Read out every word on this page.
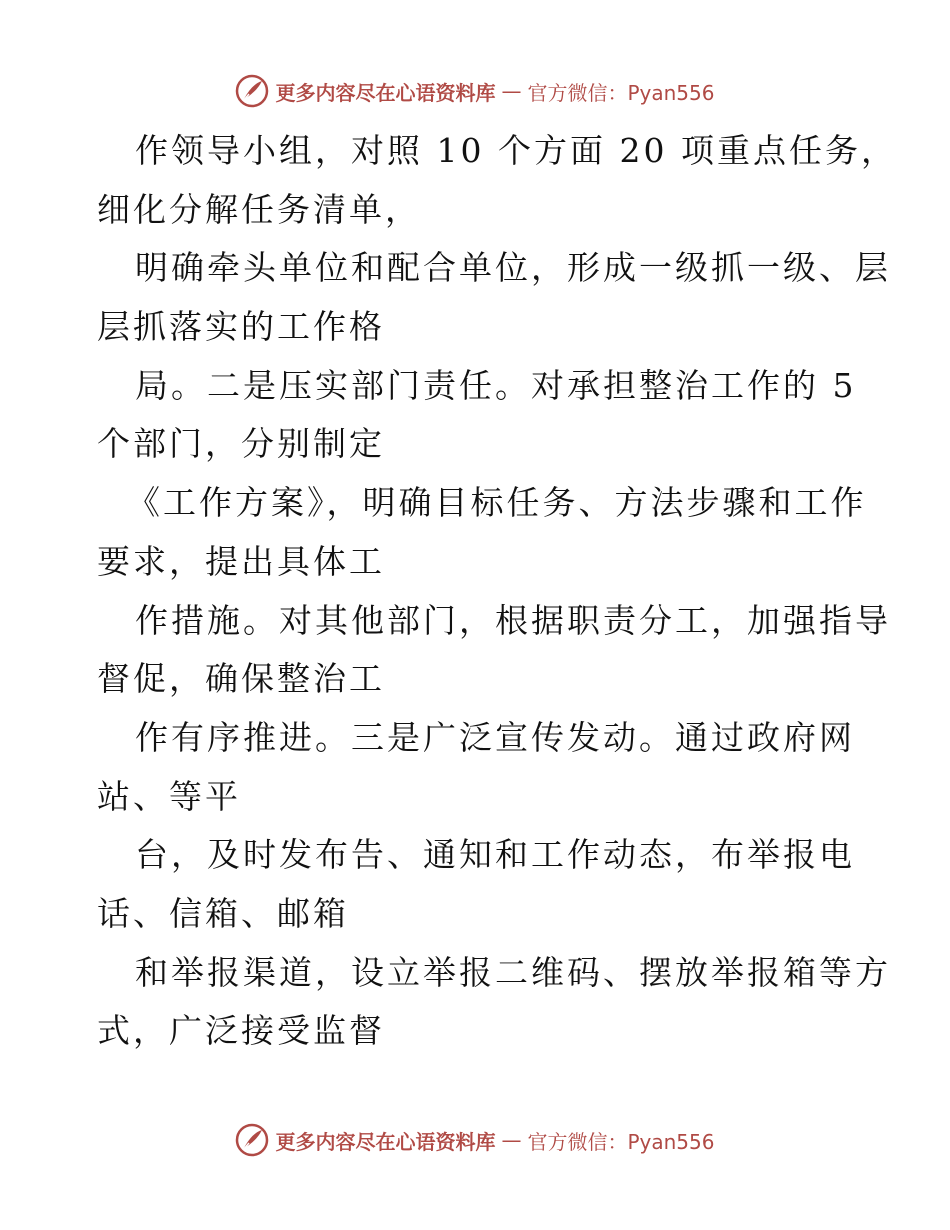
更多内容尽在心语资料库 — 官方微信：Pyan556
作领导小组，对照 10 个方面 20 项重点任务，
细化分解任务清单，
明确牵头单位和配合单位，形成一级抓一级、层
层抓落实的工作格
局。二是压实部门责任。对承担整治工作的 5
个部门，分别制定
《工作方案》，明确目标任务、方法步骤和工作
要求，提出具体工
作措施。对其他部门，根据职责分工，加强指导
督促，确保整治工
作有序推进。三是广泛宣传发动。通过政府网
站、等平
台，及时发布告、通知和工作动态，布举报电
话、信箱、邮箱
和举报渠道，设立举报二维码、摆放举报箱等方
式，广泛接受监督
更多内容尽在心语资料库 — 官方微信：Pyan556
